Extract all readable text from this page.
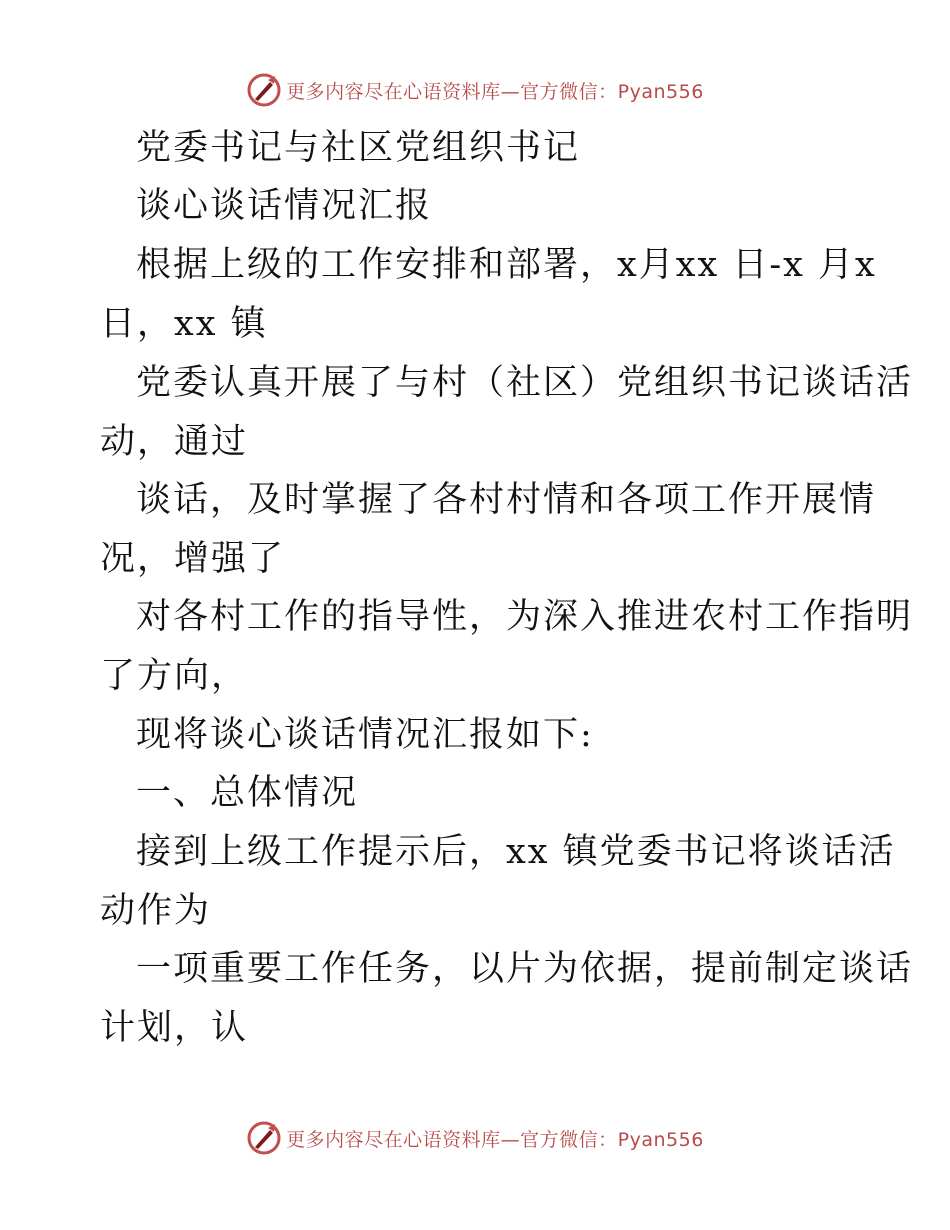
更多内容尽在心语资料库—官方微信：Pyan556
党委书记与社区党组织书记
谈心谈话情况汇报
根据上级的工作安排和部署，x月xx 日-x 月x
日，xx 镇
党委认真开展了与村（社区）党组织书记谈话活
动，通过
谈话，及时掌握了各村村情和各项工作开展情
况，增强了
对各村工作的指导性，为深入推进农村工作指明
了方向，
现将谈心谈话情况汇报如下:
一、总体情况
接到上级工作提示后，xx 镇党委书记将谈话活
动作为
一项重要工作任务，以片为依据，提前制定谈话
计划，认
更多内容尽在心语资料库—官方微信：Pyan556
